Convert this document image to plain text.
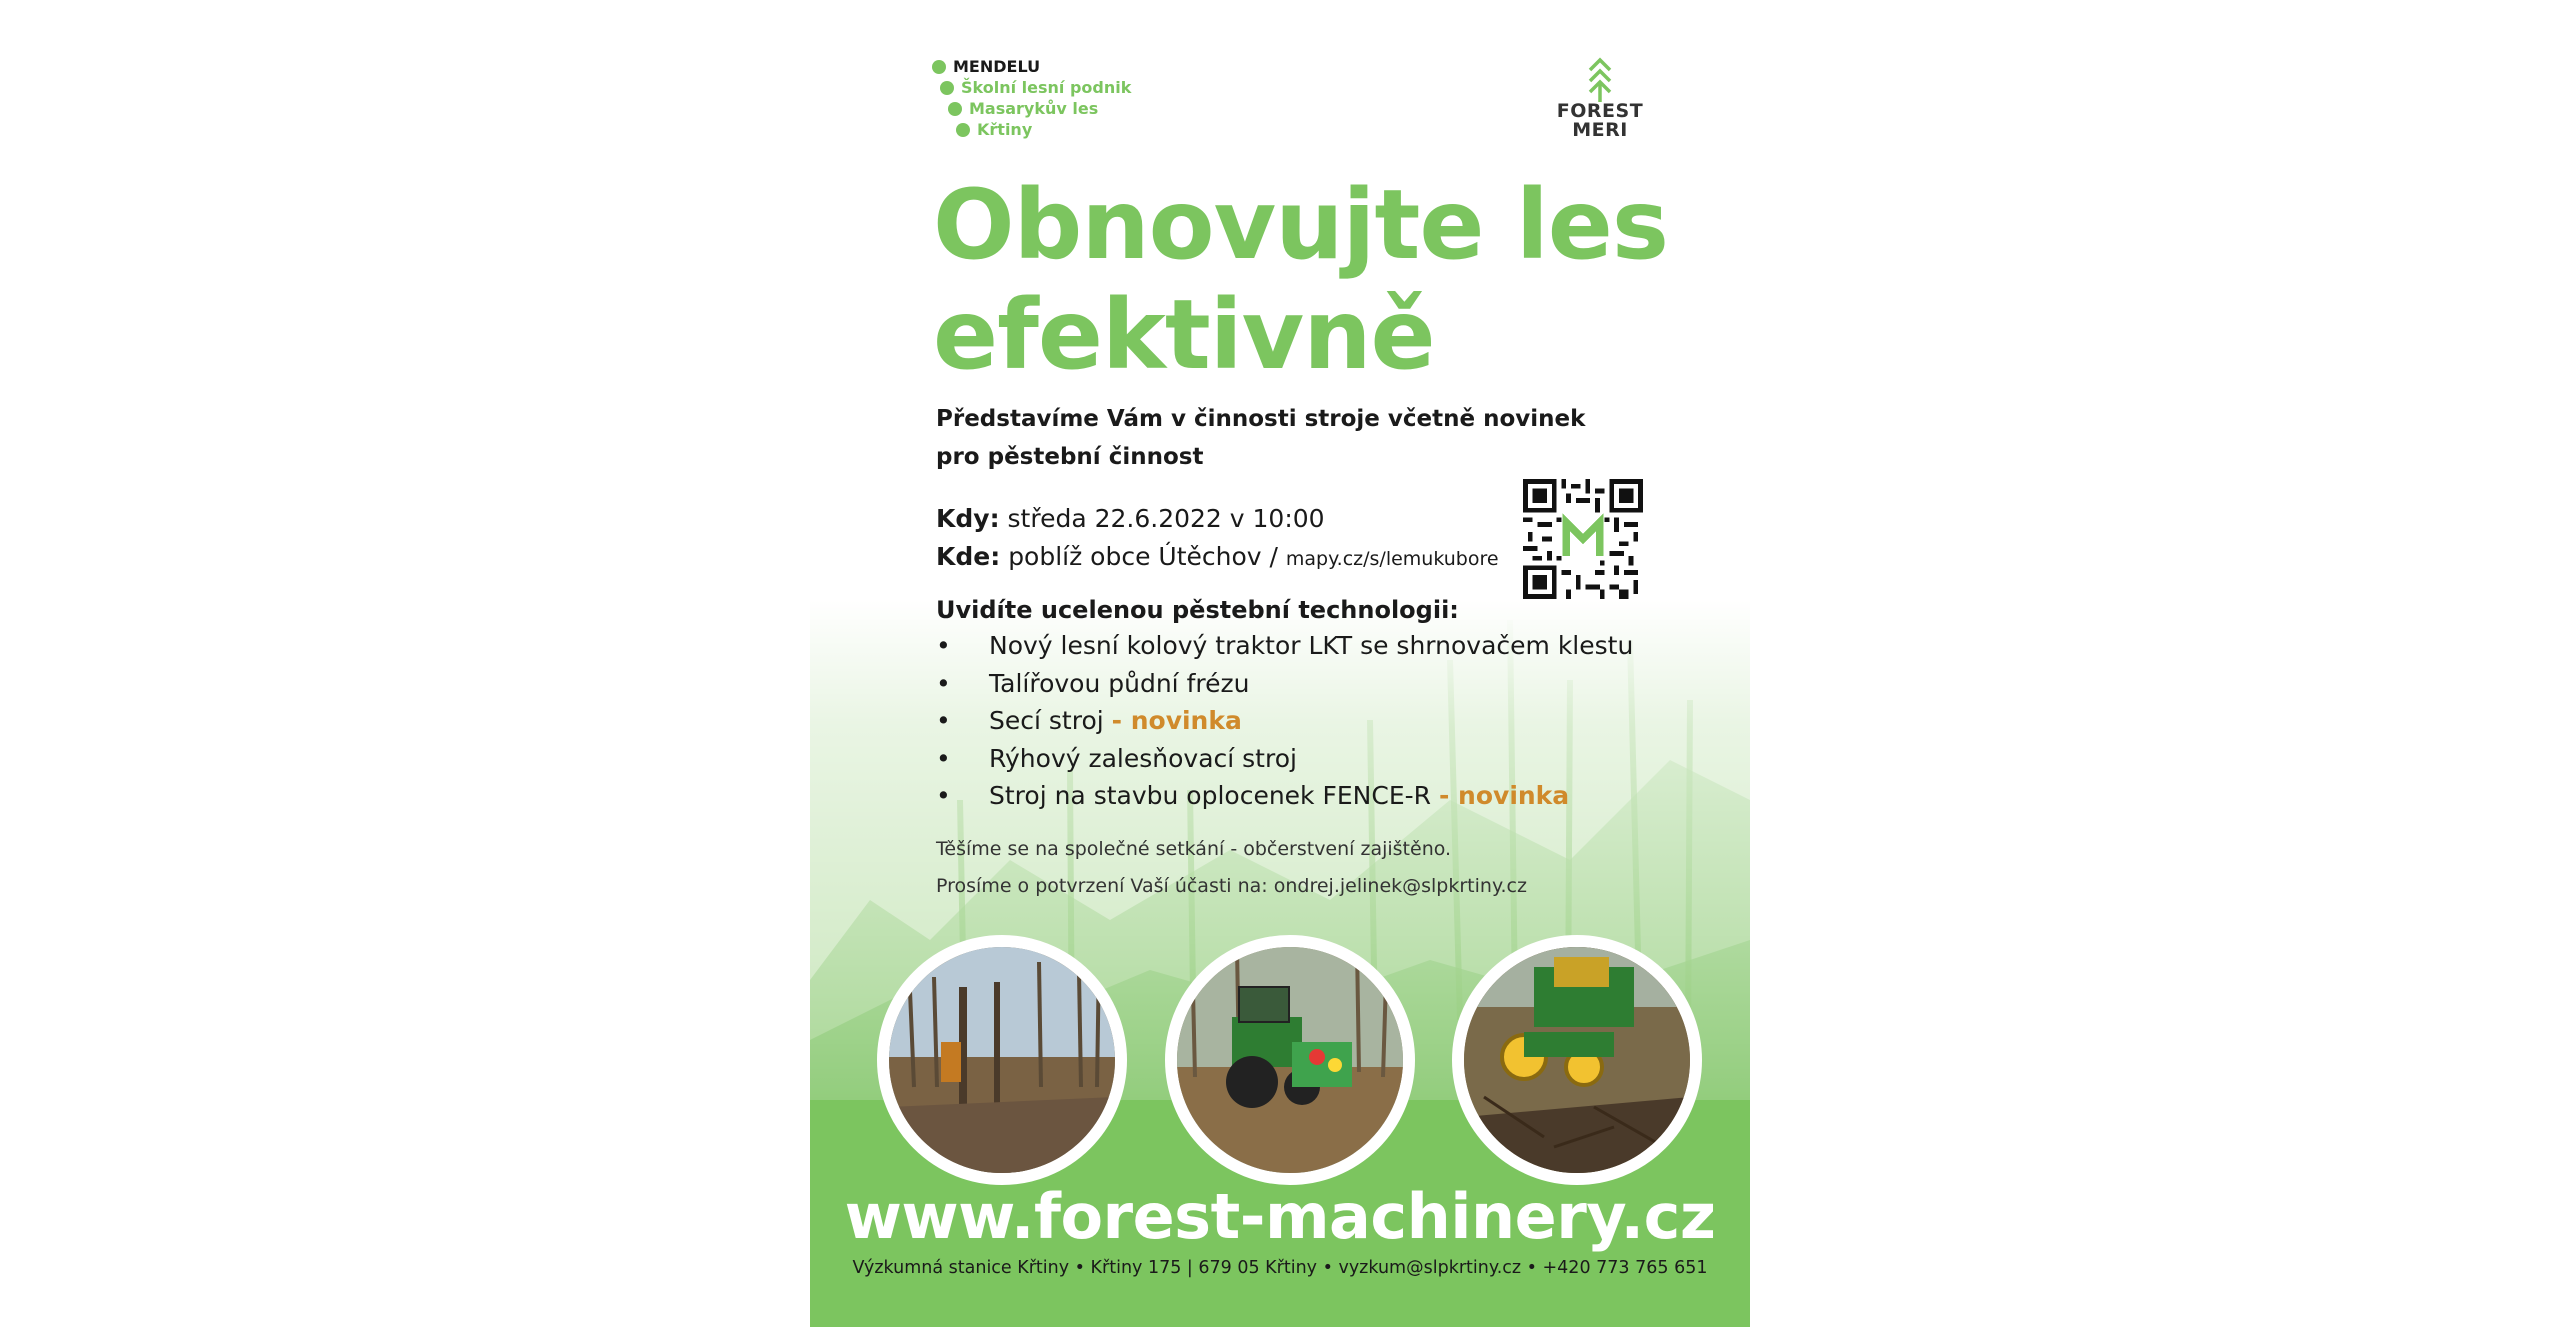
MENDELU
Školní lesní podnik
Masarykův les
Křtiny
FOREST
MERI
Obnovujte les
efektivně
Představíme Vám v činnosti stroje včetně novinek pro pěstební činnost
Kdy: středa 22.6.2022 v 10:00
Kde: poblíž obce Útěchov / mapy.cz/s/lemukubore
Uvidíte ucelenou pěstební technologii:
• Nový lesní kolový traktor LKT se shrnovačem klestu
• Talířovou půdní frézu
• Secí stroj - novinka
• Rýhový zalesňovací stroj
• Stroj na stavbu oplocenek FENCE-R - novinka
Těšíme se na společné setkání - občerstvení zajištěno.
Prosíme o potvrzení Vaší účasti na: ondrej.jelinek@slpkrtiny.cz
www.forest-machinery.cz
Výzkumná stanice Křtiny • Křtiny 175 | 679 05 Křtiny • vyzkum@slpkrtiny.cz • +420 773 765 651
